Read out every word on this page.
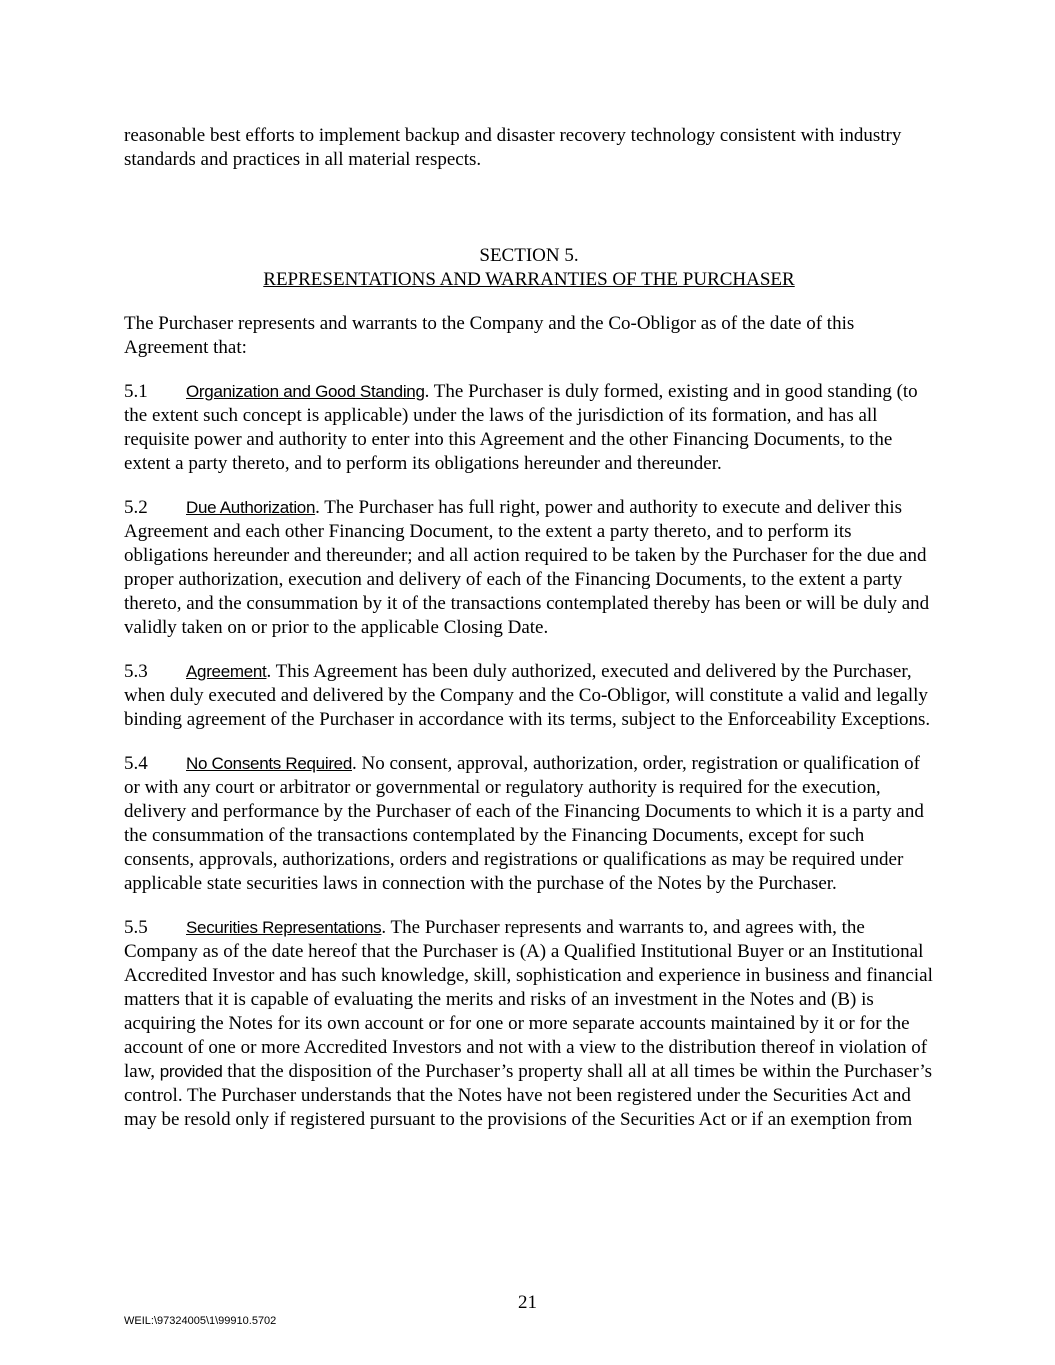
reasonable best efforts to implement backup and disaster recovery technology consistent with industry standards and practices in all material respects.

SECTION 5.

REPRESENTATIONS AND WARRANTIES OF THE PURCHASER

The Purchaser represents and warrants to the Company and the Co-Obligor as of the date of this Agreement that:

5.1 Organization and Good Standing. The Purchaser is duly formed, existing and in good standing (to the extent such concept is applicable) under the laws of the jurisdiction of its formation, and has all requisite power and authority to enter into this Agreement and the other Financing Documents, to the extent a party thereto, and to perform its obligations hereunder and thereunder.

5.2 Due Authorization. The Purchaser has full right, power and authority to execute and deliver this Agreement and each other Financing Document, to the extent a party thereto, and to perform its obligations hereunder and thereunder; and all action required to be taken by the Purchaser for the due and proper authorization, execution and delivery of each of the Financing Documents, to the extent a party thereto, and the consummation by it of the transactions contemplated thereby has been or will be duly and validly taken on or prior to the applicable Closing Date.

5.3 Agreement. This Agreement has been duly authorized, executed and delivered by the Purchaser, when duly executed and delivered by the Company and the Co-Obligor, will constitute a valid and legally binding agreement of the Purchaser in accordance with its terms, subject to the Enforceability Exceptions.

5.4 No Consents Required. No consent, approval, authorization, order, registration or qualification of or with any court or arbitrator or governmental or regulatory authority is required for the execution, delivery and performance by the Purchaser of each of the Financing Documents to which it is a party and the consummation of the transactions contemplated by the Financing Documents, except for such consents, approvals, authorizations, orders and registrations or qualifications as may be required under applicable state securities laws in connection with the purchase of the Notes by the Purchaser.

5.5 Securities Representations. The Purchaser represents and warrants to, and agrees with, the Company as of the date hereof that the Purchaser is (A) a Qualified Institutional Buyer or an Institutional Accredited Investor and has such knowledge, skill, sophistication and experience in business and financial matters that it is capable of evaluating the merits and risks of an investment in the Notes and (B) is acquiring the Notes for its own account or for one or more separate accounts maintained by it or for the account of one or more Accredited Investors and not with a view to the distribution thereof in violation of law, provided that the disposition of the Purchaser’s property shall all at all times be within the Purchaser’s control. The Purchaser understands that the Notes have not been registered under the Securities Act and may be resold only if registered pursuant to the provisions of the Securities Act or if an exemption from

21
WEIL:\97324005\1\99910.5702
